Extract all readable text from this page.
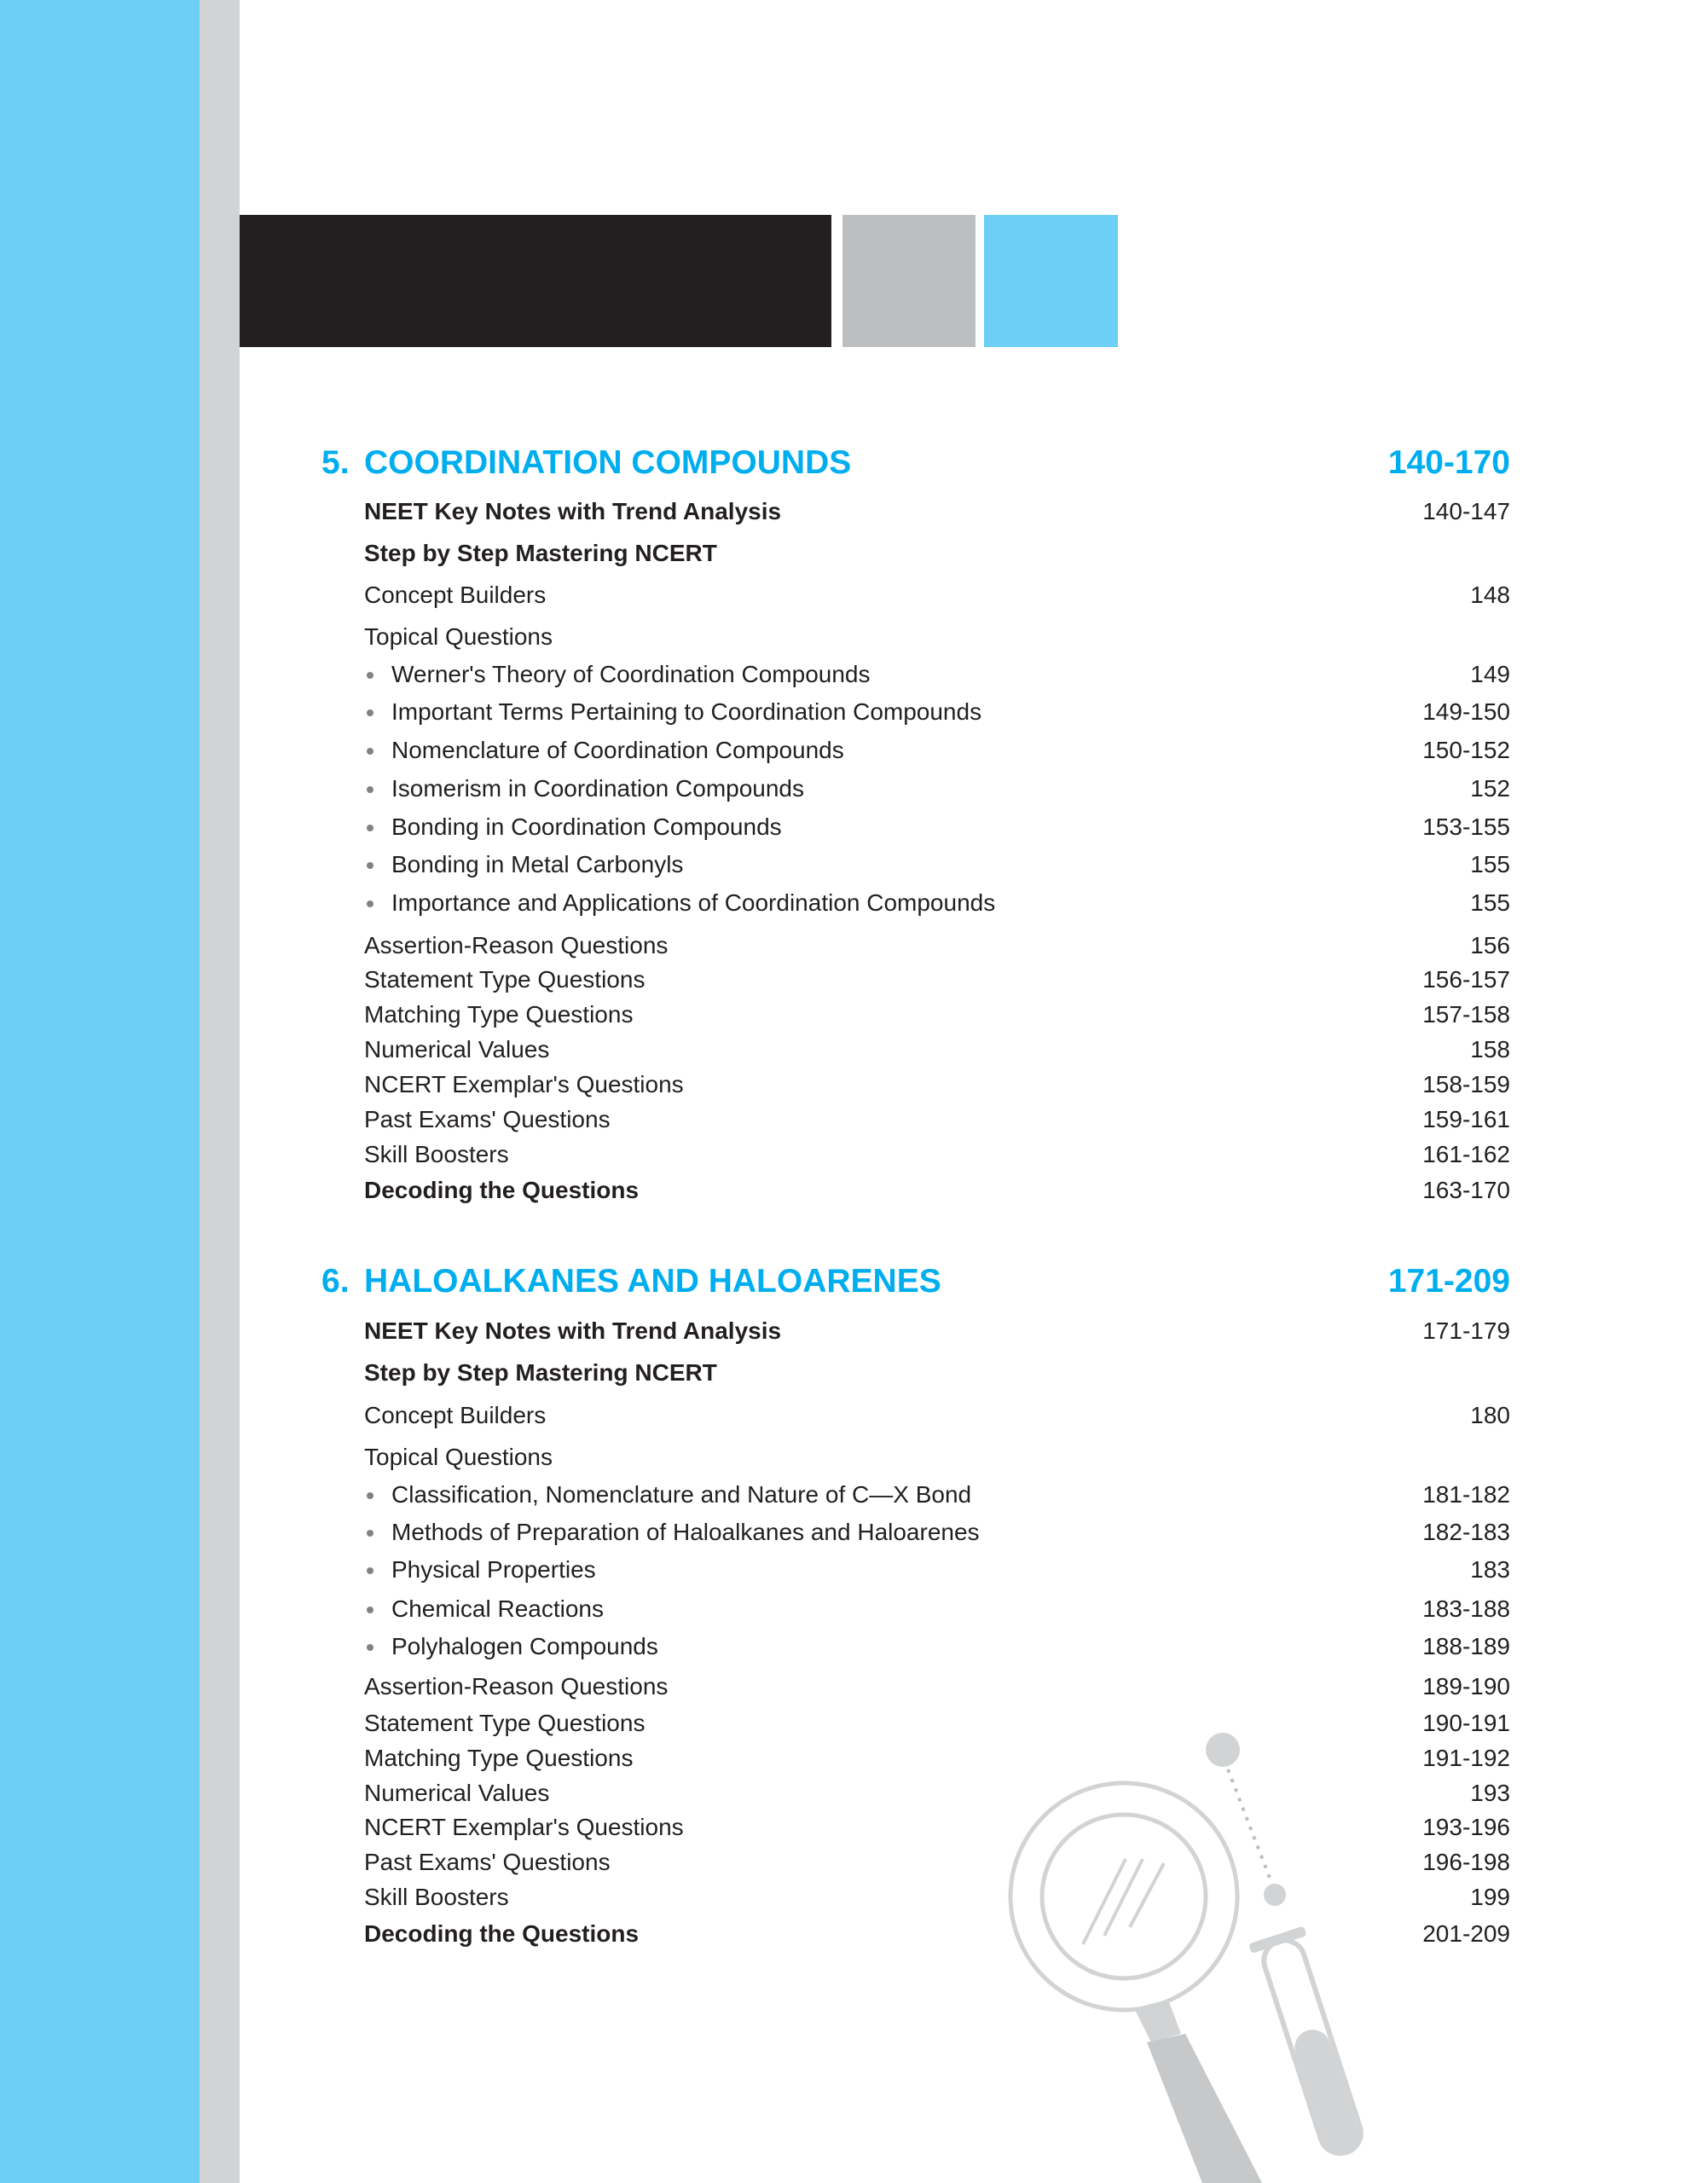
5. COORDINATION COMPOUNDS	140-170
NEET Key Notes with Trend Analysis	140-147
Step by Step Mastering NCERT
Concept Builders	148
Topical Questions
Werner's Theory of Coordination Compounds	149
Important Terms Pertaining to Coordination Compounds	149-150
Nomenclature of Coordination Compounds	150-152
Isomerism in Coordination Compounds	152
Bonding in Coordination Compounds	153-155
Bonding in Metal Carbonyls	155
Importance and Applications of Coordination Compounds	155
Assertion-Reason Questions	156
Statement Type Questions	156-157
Matching Type Questions	157-158
Numerical Values	158
NCERT Exemplar's Questions	158-159
Past Exams' Questions	159-161
Skill Boosters	161-162
Decoding the Questions	163-170
6. HALOALKANES AND HALOARENES	171-209
NEET Key Notes with Trend Analysis	171-179
Step by Step Mastering NCERT
Concept Builders	180
Topical Questions
Classification, Nomenclature and Nature of C—X Bond	181-182
Methods of Preparation of Haloalkanes and Haloarenes	182-183
Physical Properties	183
Chemical Reactions	183-188
Polyhalogen Compounds	188-189
Assertion-Reason Questions	189-190
Statement Type Questions	190-191
Matching Type Questions	191-192
Numerical Values	193
NCERT Exemplar's Questions	193-196
Past Exams' Questions	196-198
Skill Boosters	199
Decoding the Questions	201-209
